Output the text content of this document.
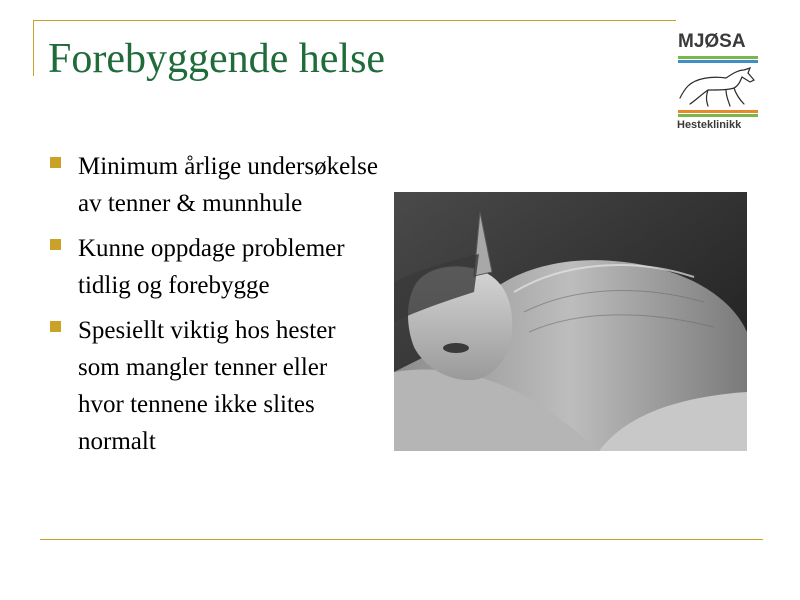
Forebyggende helse	MJØSA
Hesteklinikk
Minimum årlige undersøkelse av tenner & munnhule
Kunne oppdage problemer tidlig og forebygge
Spesiellt viktig hos hester som mangler tenner eller hvor tennene ikke slites normalt
